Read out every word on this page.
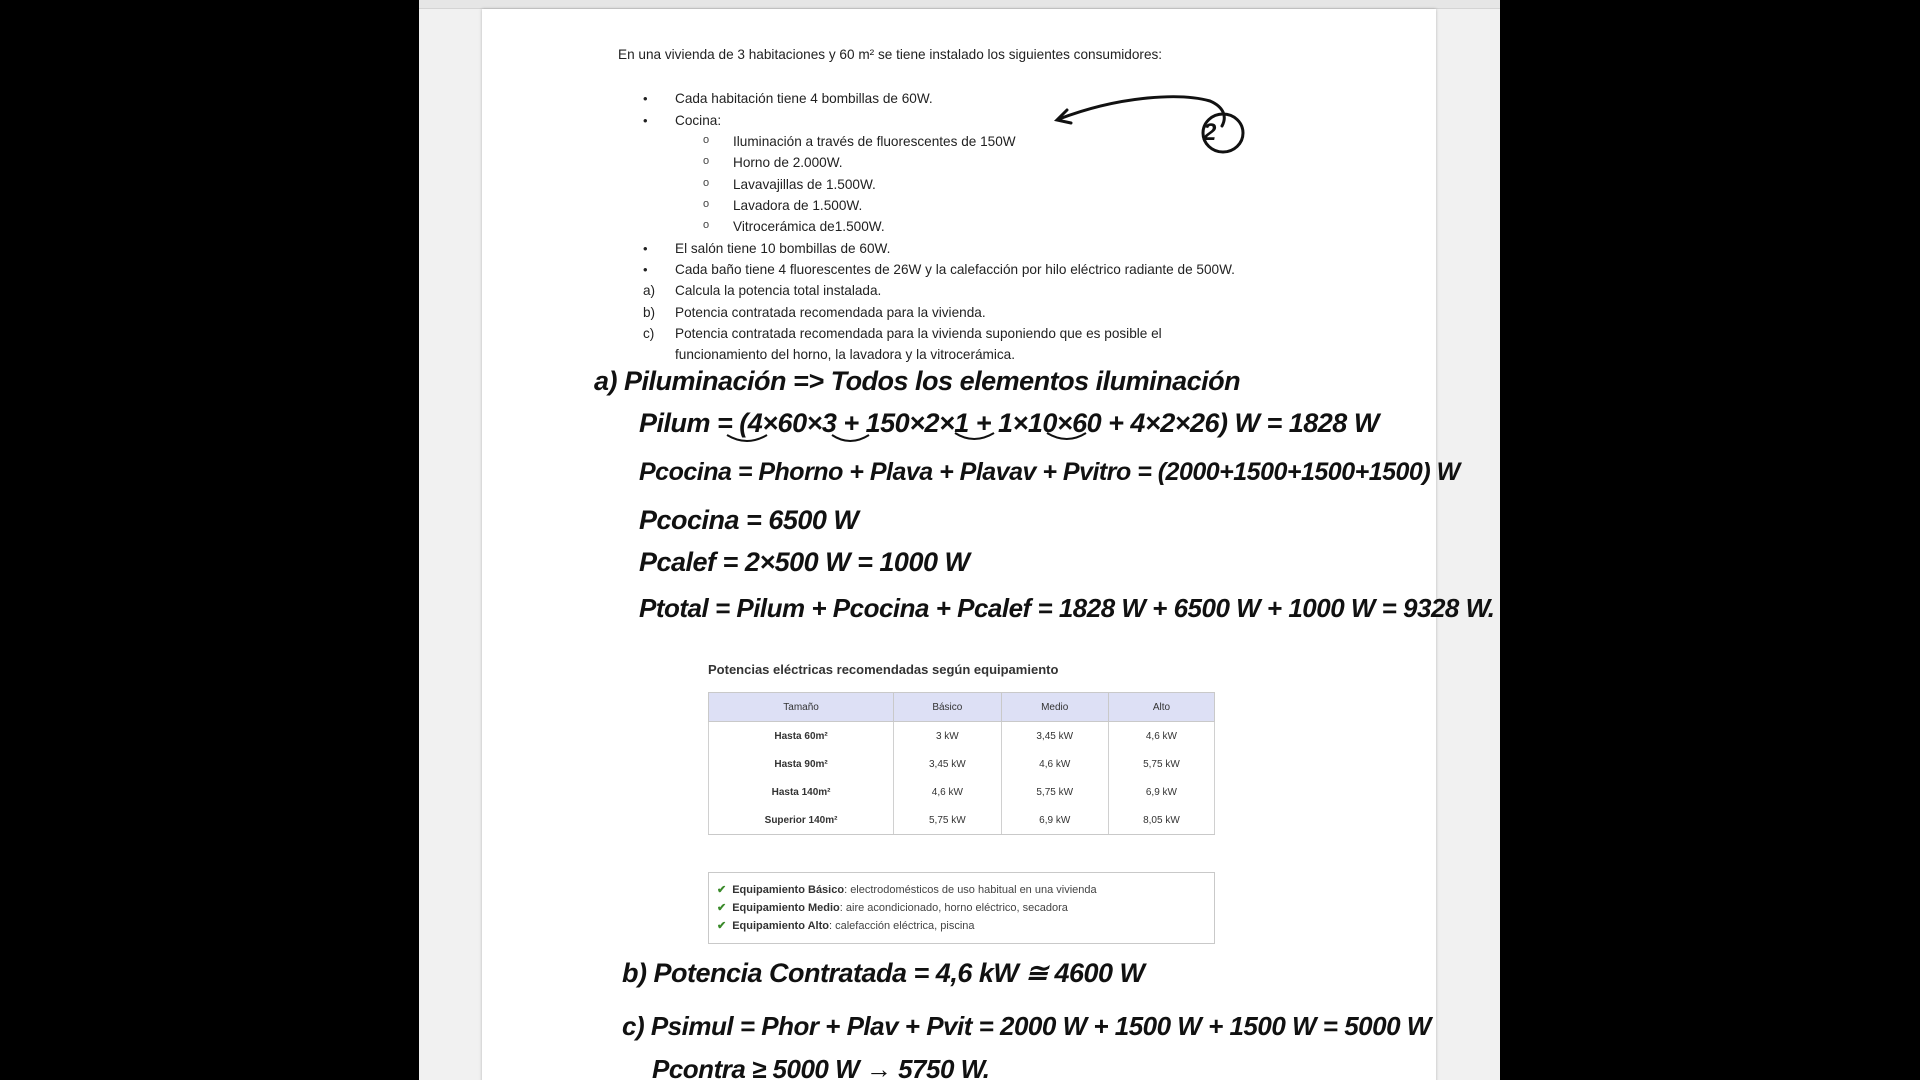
En una vivienda de 3 habitaciones y 60 m² se tiene instalado los siguientes consumidores:
• Cada habitación tiene 4 bombillas de 60W.
• Cocina:
o Iluminación a través de fluorescentes de 150W
o Horno de 2.000W.
o Lavavajillas de 1.500W.
o Lavadora de 1.500W.
o Vitrocerámica de1.500W.
• El salón tiene 10 bombillas de 60W.
• Cada baño tiene 4 fluorescentes de 26W y la calefacción por hilo eléctrico radiante de 500W.
a) Calcula la potencia total instalada.
b) Potencia contratada recomendada para la vivienda.
c) Potencia contratada recomendada para la vivienda suponiendo que es posible el
funcionamiento del horno, la lavadora y la vitrocerámica.
2
a) Piluminación => Todos los elementos iluminación
Pilum = (4×60×3 + 150×2×1 + 1×10×60 + 4×2×26) W = 1828 W
Pcocina = Phorno + Plava + Plavav + Pvitro = (2000+1500+1500+1500) W
Pcocina = 6500 W
Pcalef = 2×500 W = 1000 W
Ptotal = Pilum + Pcocina + Pcalef = 1828 W + 6500 W + 1000 W = 9328 W.
Potencias eléctricas recomendadas según equipamiento
Tamaño	Básico	Medio	Alto
Hasta 60m²	3 kW	3,45 kW	4,6 kW
Hasta 90m²	3,45 kW	4,6 kW	5,75 kW
Hasta 140m²	4,6 kW	5,75 kW	6,9 kW
Superior 140m²	5,75 kW	6,9 kW	8,05 kW
✔ Equipamiento Básico: electrodomésticos de uso habitual en una vivienda
✔ Equipamiento Medio: aire acondicionado, horno eléctrico, secadora
✔ Equipamiento Alto: calefacción eléctrica, piscina
b) Potencia Contratada = 4,6 kW ≅ 4600 W
c) Psimul = Phor + Plav + Pvit = 2000 W + 1500 W + 1500 W = 5000 W
Pcontra ≥ 5000 W → 5750 W.
